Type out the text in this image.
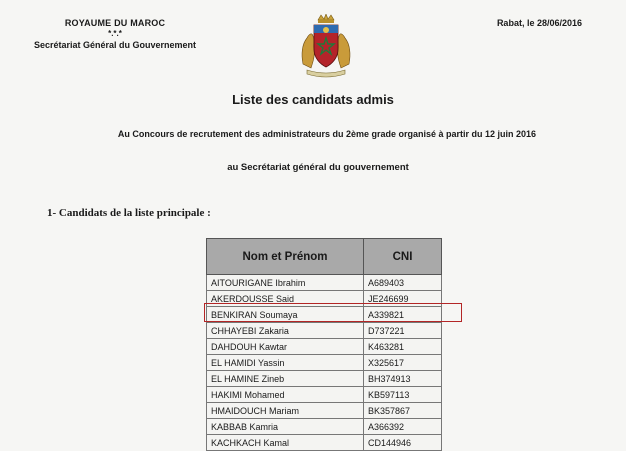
ROYAUME DU MAROC
*.*.*
Secrétariat Général du Gouvernement
Rabat, le 28/06/2016
Liste des candidats admis
Au Concours de recrutement des administrateurs du 2ème grade organisé à partir du 12 juin 2016
au Secrétariat général du gouvernement
1- Candidats de la liste principale :
Nom et Prénom	CNI
AITOURIGANE Ibrahim	A689403
AKERDOUSSE Said	JE246699
BENKIRAN Soumaya	A339821
CHHAYEBI Zakaria	D737221
DAHDOUH Kawtar	K463281
EL HAMIDI Yassin	X325617
EL HAMINE Zineb	BH374913
HAKIMI Mohamed	KB597113
HMAIDOUCH Mariam	BK357867
KABBAB Kamria	A366392
KACHKACH Kamal	CD144946
